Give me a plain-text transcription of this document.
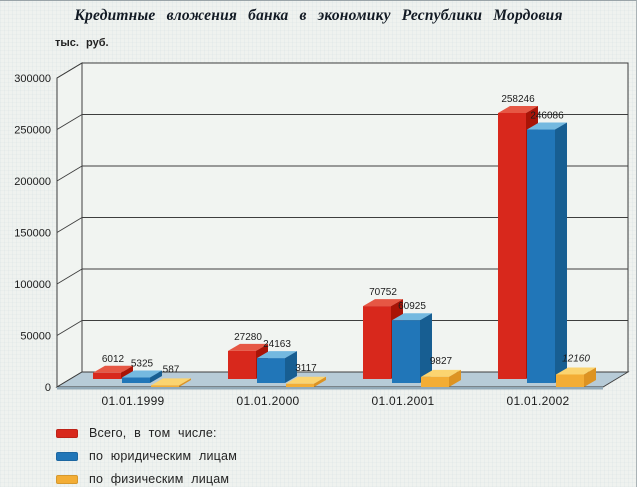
Кредитные вложения банка в экономику Республики Мордовия
тыс. руб.
0
50000
100000
150000
200000
250000
300000
6012
27280
70752
258246
5325
24163
60925
246086
587	3117
9827	12160
01.01.1999	01.01.2000	01.01.2001	01.01.2002
Всего, в том числе:
по юридическим лицам
по физическим лицам
